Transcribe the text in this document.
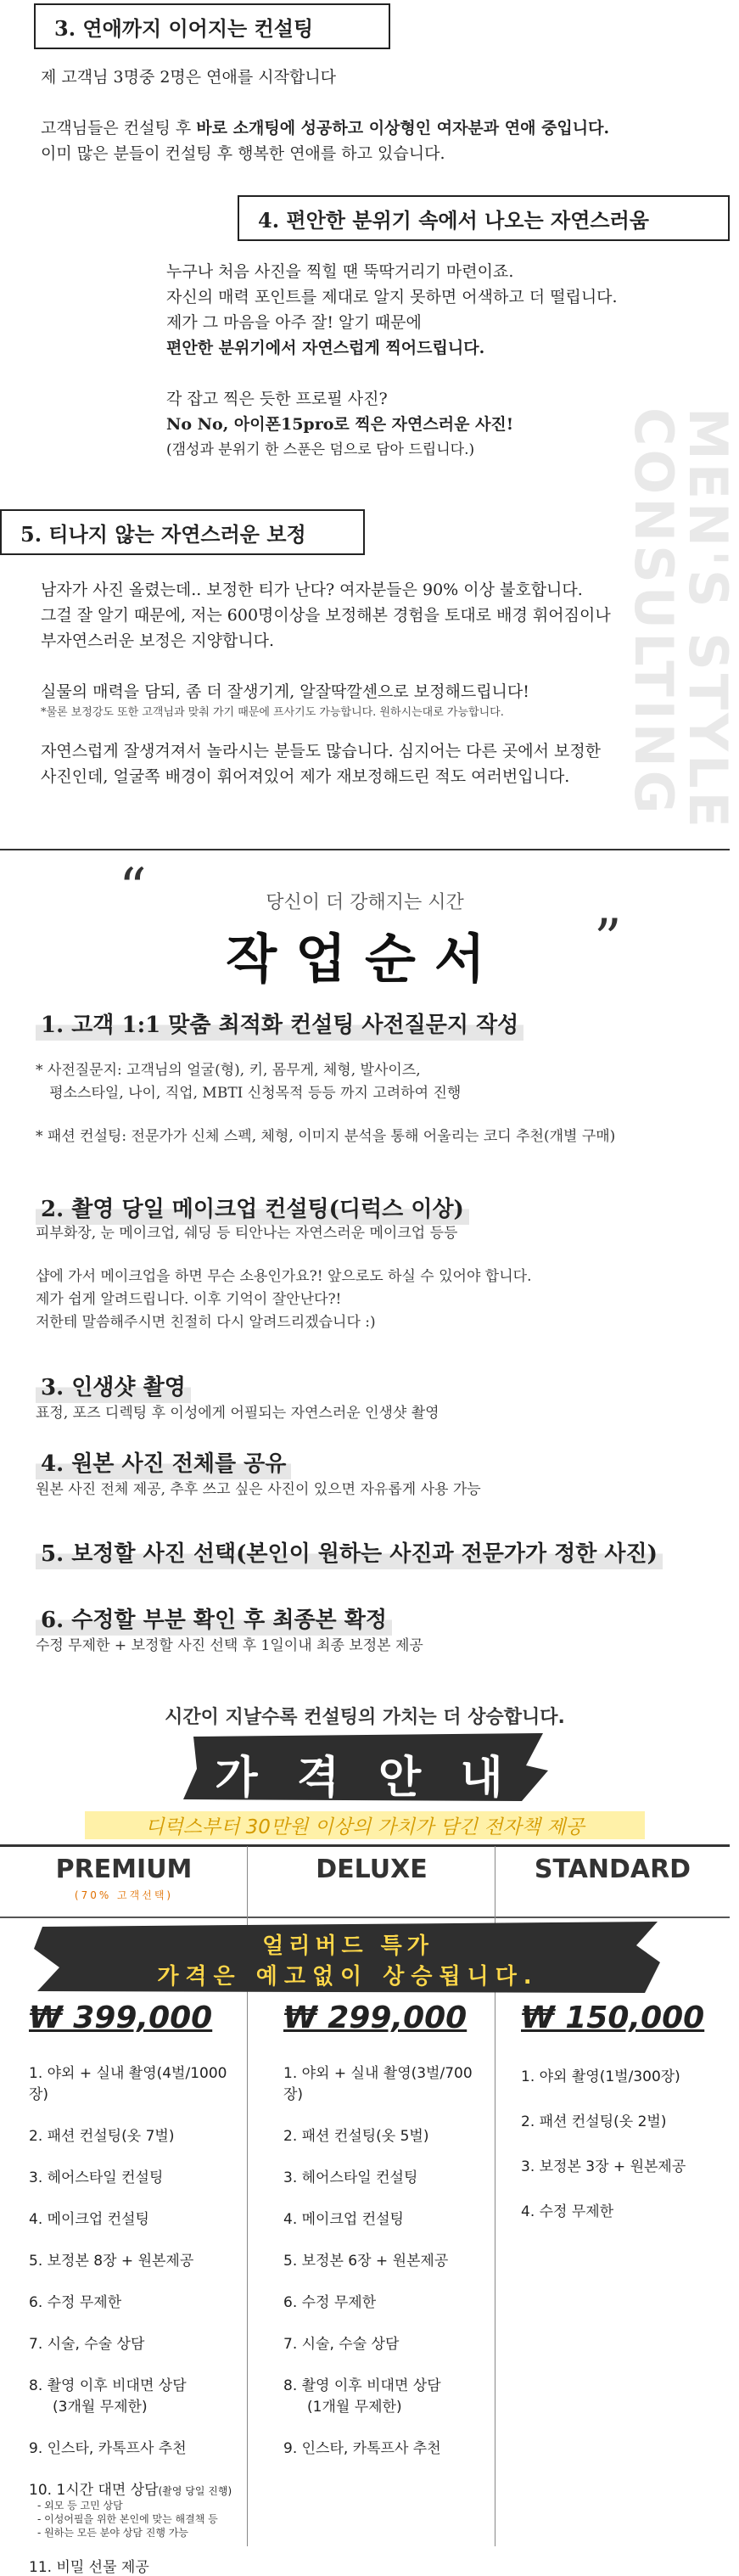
3. 연애까지 이어지는 컨설팅
제 고객님 3명중 2명은 연애를 시작합니다
고객님들은 컨설팅 후 바로 소개팅에 성공하고 이상형인 여자분과 연애 중입니다.
이미 많은 분들이 컨설팅 후 행복한 연애를 하고 있습니다.
4. 편안한 분위기 속에서 나오는 자연스러움
누구나 처음 사진을 찍힐 땐 뚝딱거리기 마련이죠.
자신의 매력 포인트를 제대로 알지 못하면 어색하고 더 떨립니다.
제가 그 마음을 아주 잘! 알기 때문에
편안한 분위기에서 자연스럽게 찍어드립니다.
각 잡고 찍은 듯한 프로필 사진?
No No, 아이폰15pro로 찍은 자연스러운 사진!
(갬성과 분위기 한 스푼은 덤으로 담아 드립니다.)	MEN'S STYLE CONSULTING
5. 티나지 않는 자연스러운 보정
남자가 사진 올렸는데.. 보정한 티가 난다? 여자분들은 90% 이상 불호합니다.
그걸 잘 알기 때문에, 저는 600명이상을 보정해본 경험을 토대로 배경 휘어짐이나
부자연스러운 보정은 지양합니다.
실물의 매력을 담되, 좀 더 잘생기게, 알잘딱깔센으로 보정해드립니다!
*물론 보정강도 또한 고객님과 맞춰 가기 때문에 프사기도 가능합니다. 원하시는대로 가능합니다.
자연스럽게 잘생겨져서 놀라시는 분들도 많습니다. 심지어는 다른 곳에서 보정한
사진인데, 얼굴쪽 배경이 휘어져있어 제가 재보정해드린 적도 여러번입니다.
“
”
당신이 더 강해지는 시간
작업순서
1. 고객 1:1 맞춤 최적화 컨설팅 사전질문지 작성
* 사전질문지: 고객님의 얼굴(형), 키, 몸무게, 체형, 발사이즈,
평소스타일, 나이, 직업, MBTI 신청목적 등등 까지 고려하여 진행
* 패션 컨설팅: 전문가가 신체 스펙, 체형, 이미지 분석을 통해 어울리는 코디 추천(개별 구매)
2. 촬영 당일 메이크업 컨설팅(디럭스 이상)
피부화장, 눈 메이크업, 쉐딩 등 티안나는 자연스러운 메이크업 등등
샵에 가서 메이크업을 하면 무슨 소용인가요?! 앞으로도 하실 수 있어야 합니다.
제가 쉽게 알려드립니다. 이후 기억이 잘안난다?!
저한테 말씀해주시면 친절히 다시 알려드리겠습니다 :)
3. 인생샷 촬영
표정, 포즈 디렉팅 후 이성에게 어필되는 자연스러운 인생샷 촬영
4. 원본 사진 전체를 공유
원본 사진 전체 제공, 추후 쓰고 싶은 사진이 있으면 자유롭게 사용 가능
5. 보정할 사진 선택(본인이 원하는 사진과 전문가가 정한 사진)
6. 수정할 부분 확인 후 최종본 확정
수정 무제한 + 보정할 사진 선택 후 1일이내 최종 보정본 제공
시간이 지날수록 컨설팅의 가치는 더 상승합니다.
가 격 안 내
디럭스부터 30만원 이상의 가치가 담긴 전자책 제공
PREMIUM
(70% 고객선택)
DELUXE	STANDARD
얼리버드 특가
가격은 예고없이 상승됩니다.
₩ 399,000 ₩ 299,000 ₩ 150,000
1. 야외 + 실내 촬영(4벌/1000장)
2. 패션 컨설팅(옷 7벌)
3. 헤어스타일 컨설팅
4. 메이크업 컨설팅
5. 보정본 8장 + 원본제공
6. 수정 무제한
7. 시술, 수술 상담
8. 촬영 이후 비대면 상담
(3개월 무제한)
9. 인스타, 카톡프사 추천
10. 1시간 대면 상담(촬영 당일 진행)
- 외모 등 고민 상담
- 이성어필을 위한 본인에 맞는 해결책 등
- 원하는 모든 분야 상담 진행 가능
11. 비밀 선물 제공
1. 야외 + 실내 촬영(3벌/700장)
2. 패션 컨설팅(옷 5벌)
3. 헤어스타일 컨설팅
4. 메이크업 컨설팅
5. 보정본 6장 + 원본제공
6. 수정 무제한
7. 시술, 수술 상담
8. 촬영 이후 비대면 상담
(1개월 무제한)
9. 인스타, 카톡프사 추천
1. 야외 촬영(1벌/300장)
2. 패션 컨설팅(옷 2벌)
3. 보정본 3장 + 원본제공
4. 수정 무제한
